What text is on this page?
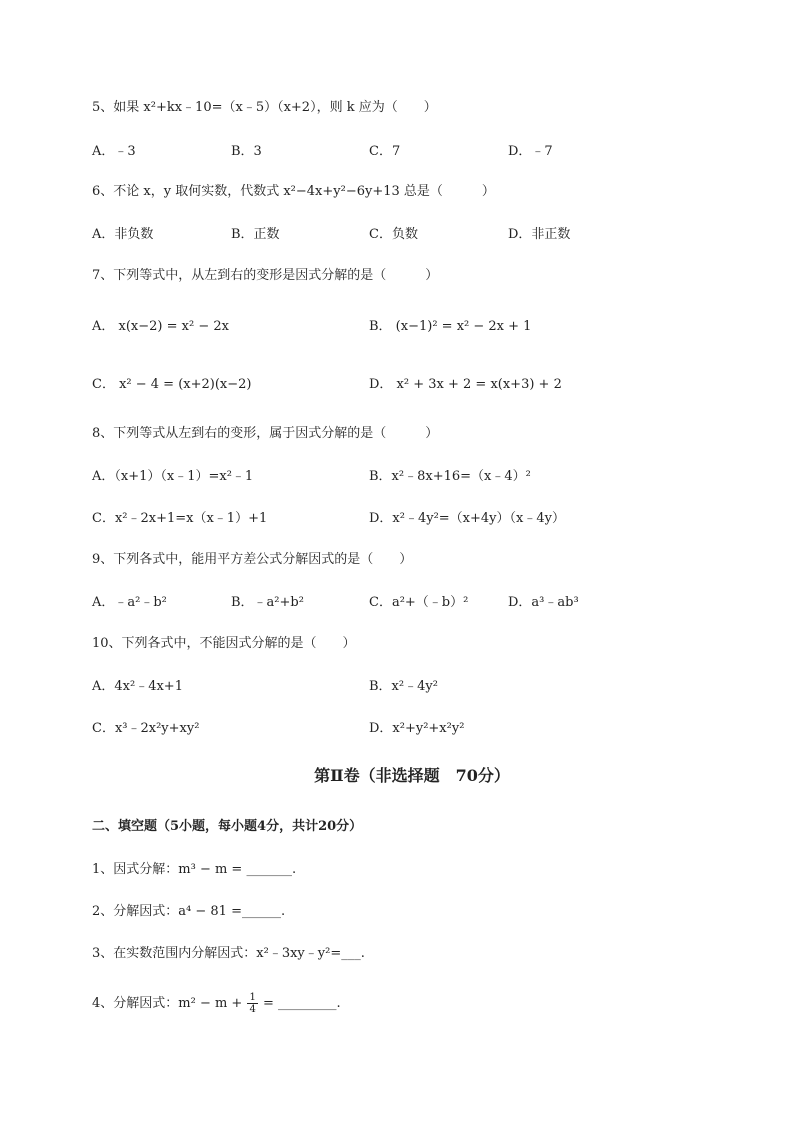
5、如果 x²+kx﹣10=（x﹣5）（x+2），则 k 应为（　　）
A．﹣3	B．3	C．7	D．﹣7
6、不论 x，y 取何实数，代数式 x²−4x+y²−6y+13 总是（　　　）
A．非负数	B．正数	C．负数	D．非正数
7、下列等式中，从左到右的变形是因式分解的是（　　　）
A． x(x−2) = x² − 2x	B． (x−1)² = x² − 2x + 1
C． x² − 4 = (x+2)(x−2)	D． x² + 3x + 2 = x(x+3) + 2
8、下列等式从左到右的变形，属于因式分解的是（　　　）
A．（x+1）（x﹣1）=x²﹣1	B．x²﹣8x+16=（x﹣4）²
C．x²﹣2x+1=x（x﹣1）+1	D．x²﹣4y²=（x+4y）（x﹣4y）
9、下列各式中，能用平方差公式分解因式的是（　　）
A．﹣a²﹣b²	B．﹣a²+b²	C．a²+（﹣b）²	D．a³﹣ab³
10、下列各式中，不能因式分解的是（　　）
A．4x²﹣4x+1	B．x²﹣4y²
C．x³﹣2x²y+xy²	D．x²+y²+x²y²
第Ⅱ卷（非选择题　70分）
二、填空题（5小题，每小题4分，共计20分）
1、因式分解：m³ − m = _______.
2、分解因式：a⁴ − 81 =______.
3、在实数范围内分解因式：x²﹣3xy﹣y²=___.
4、分解因式：$m^2 - m + \frac{1}{4}$ = _________.
